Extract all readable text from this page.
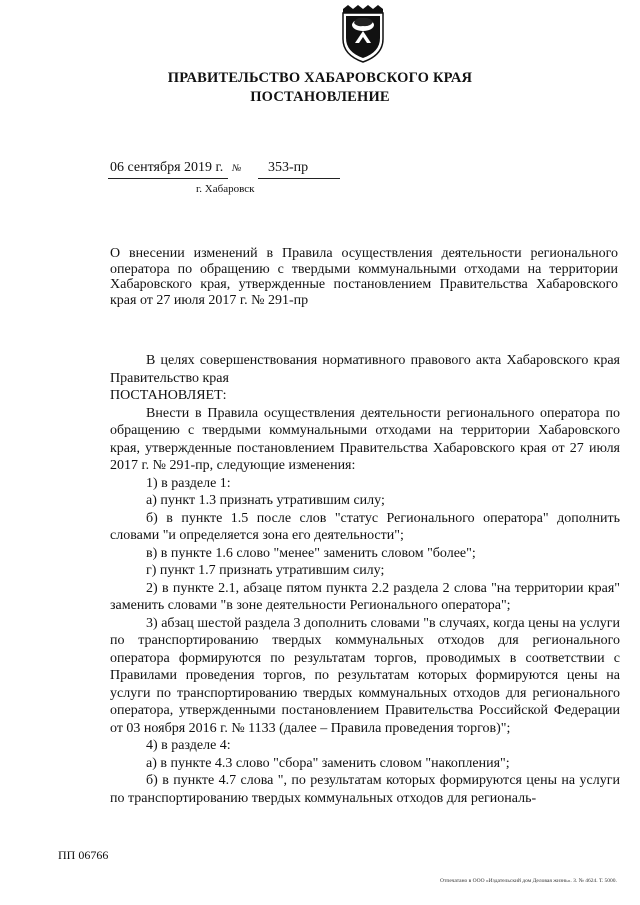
ПРАВИТЕЛЬСТВО ХАБАРОВСКОГО КРАЯ
ПОСТАНОВЛЕНИЕ
06 сентября 2019 г. № 353-пр
г. Хабаровск
О внесении изменений в Правила осуществления деятельности регионального оператора по обращению с твердыми коммунальными отходами на территории Хабаровского края, утвержденные постановлением Правительства Хабаровского края от 27 июля 2017 г. № 291-пр

В целях совершенствования нормативного правового акта Хабаровского края Правительство края

ПОСТАНОВЛЯЕТ:

Внести в Правила осуществления деятельности регионального оператора по обращению с твердыми коммунальными отходами на территории Хабаровского края, утвержденные постановлением Правительства Хабаровского края от 27 июля 2017 г. № 291-пр, следующие изменения:

1) в разделе 1:

а) пункт 1.3 признать утратившим силу;

б) в пункте 1.5 после слов "статус Регионального оператора" дополнить словами "и определяется зона его деятельности";

в) в пункте 1.6 слово "менее" заменить словом "более";

г) пункт 1.7 признать утратившим силу;

2) в пункте 2.1, абзаце пятом пункта 2.2 раздела 2 слова "на территории края" заменить словами "в зоне деятельности Регионального оператора";

3) абзац шестой раздела 3 дополнить словами "в случаях, когда цены на услуги по транспортированию твердых коммунальных отходов для регионального оператора формируются по результатам торгов, проводимых в соответствии с Правилами проведения торгов, по результатам которых формируются цены на услуги по транспортированию твердых коммунальных отходов для регионального оператора, утвержденными постановлением Правительства Российской Федерации от 03 ноября 2016 г. № 1133 (далее – Правила проведения торгов)";

4) в разделе 4:

а) в пункте 4.3 слово "сбора" заменить словом "накопления";

б) в пункте 4.7 слова ", по результатам которых формируются цены на услуги по транспортированию твердых коммунальных отходов для региональ-

ПП 06766
Отпечатано в ООО «Издательский дом Деловая жизнь». З. № 4624. Т. 5000.
